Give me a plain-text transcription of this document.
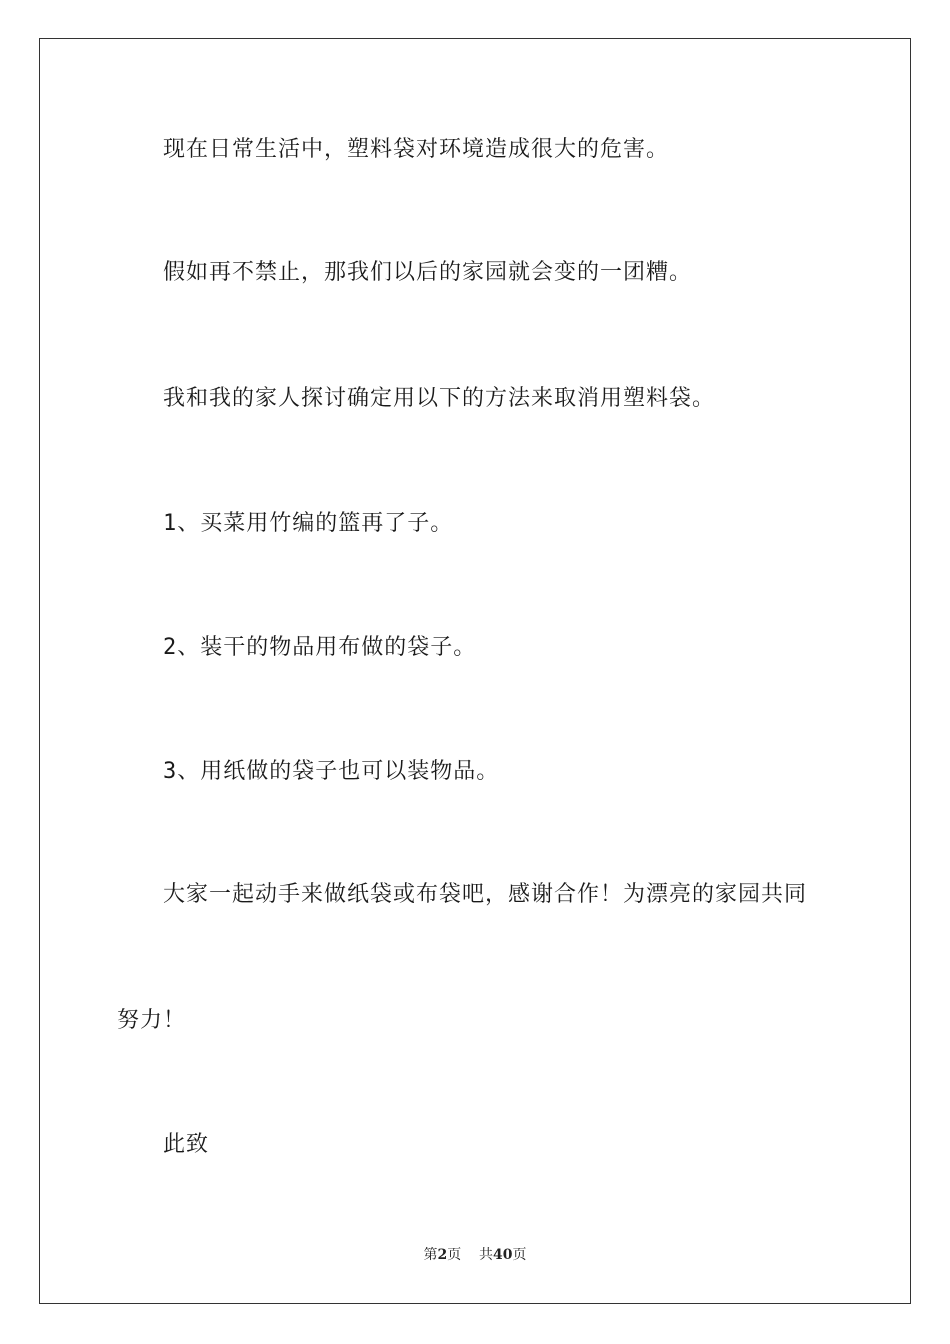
现在日常生活中，塑料袋对环境造成很大的危害。

假如再不禁止，那我们以后的家园就会变的一团糟。

我和我的家人探讨确定用以下的方法来取消用塑料袋。

1、买菜用竹编的篮再了子。

2、装干的物品用布做的袋子。

3、用纸做的袋子也可以装物品。

大家一起动手来做纸袋或布袋吧，感谢合作！为漂亮的家园共同

努力！

此致

第2页 共40页
